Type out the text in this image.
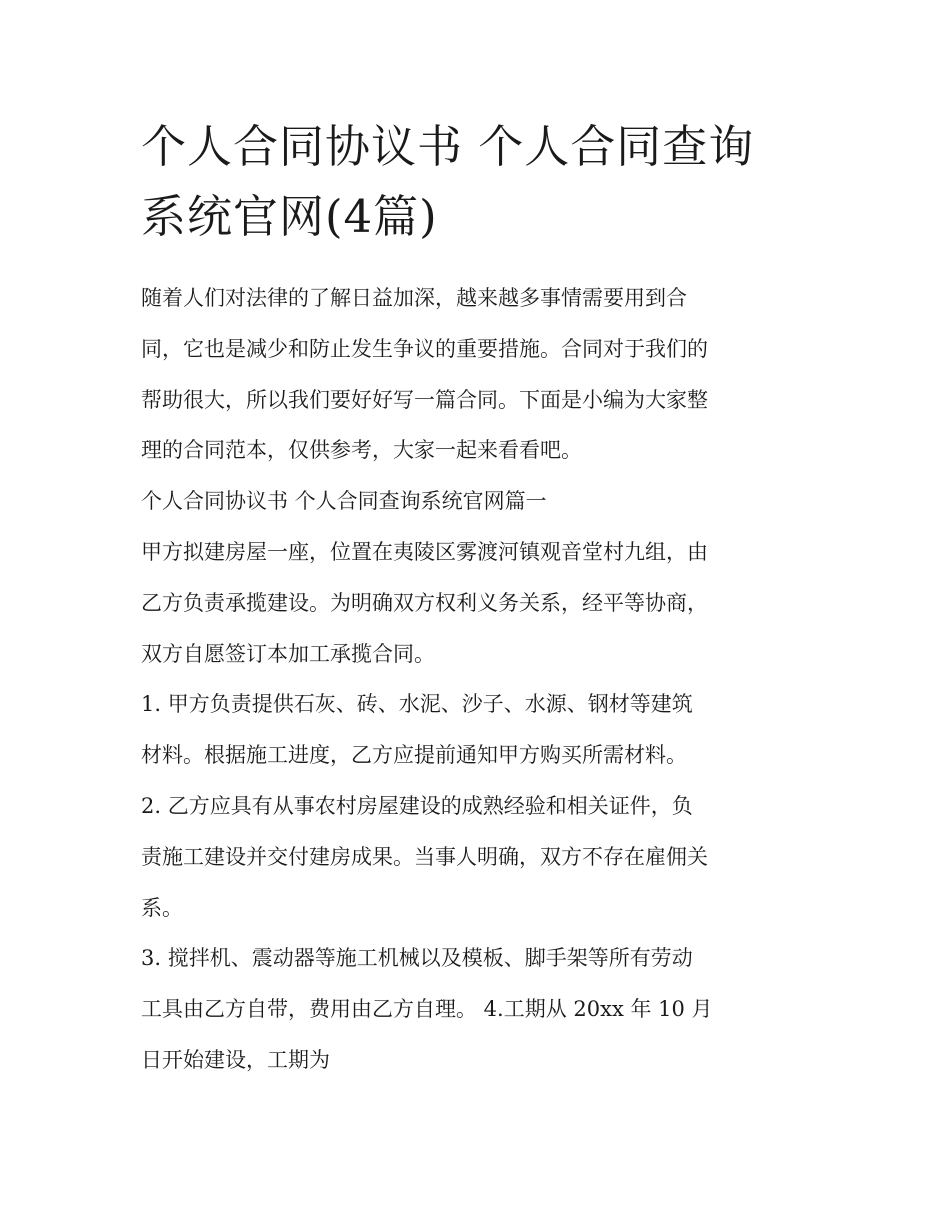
个人合同协议书 个人合同查询
系统官网(4篇)

随着人们对法律的了解日益加深，越来越多事情需要用到合
同，它也是减少和防止发生争议的重要措施。合同对于我们的
帮助很大，所以我们要好好写一篇合同。下面是小编为大家整
理的合同范本，仅供参考，大家一起来看看吧。

个人合同协议书 个人合同查询系统官网篇一

甲方拟建房屋一座，位置在夷陵区雾渡河镇观音堂村九组，由
乙方负责承揽建设。为明确双方权利义务关系，经平等协商，
双方自愿签订本加工承揽合同。

1. 甲方负责提供石灰、砖、水泥、沙子、水源、钢材等建筑
材料。根据施工进度，乙方应提前通知甲方购买所需材料。

2. 乙方应具有从事农村房屋建设的成熟经验和相关证件，负
责施工建设并交付建房成果。当事人明确，双方不存在雇佣关
系。

3. 搅拌机、震动器等施工机械以及模板、脚手架等所有劳动
工具由乙方自带，费用由乙方自理。 4.工期从 20xx 年 10 月
日开始建设，工期为
